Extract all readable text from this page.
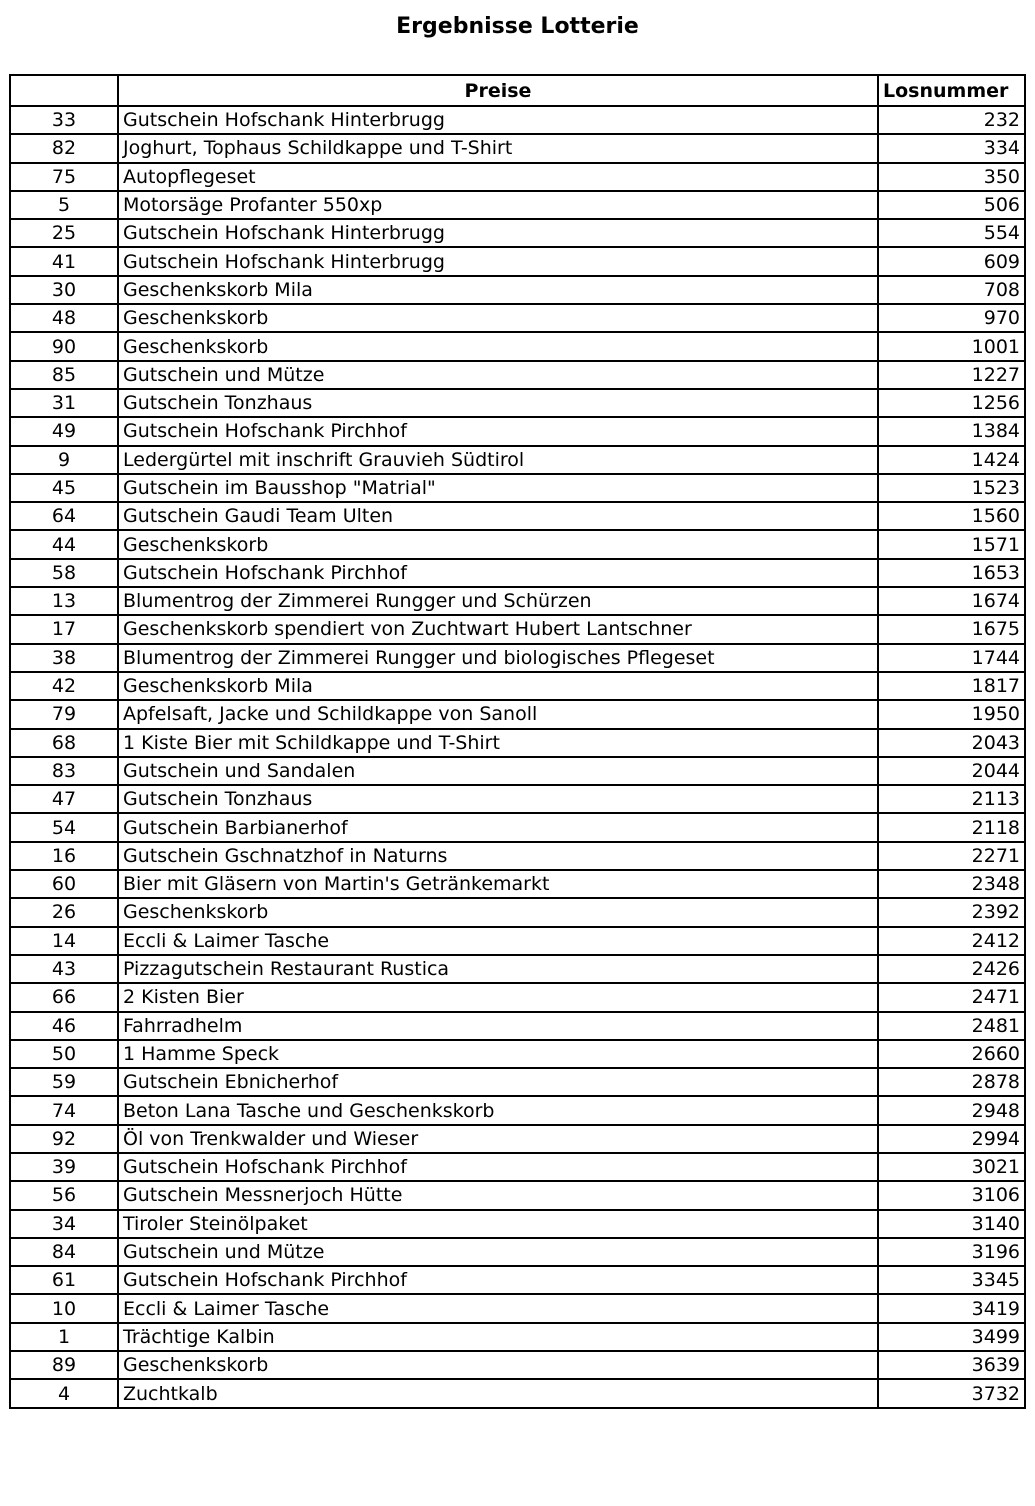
Ergebnisse Lotterie
	Preise	Losnummer
33	Gutschein Hofschank Hinterbrugg	232
82	Joghurt, Tophaus Schildkappe und T-Shirt	334
75	Autopflegeset	350
5	Motorsäge Profanter 550xp	506
25	Gutschein Hofschank Hinterbrugg	554
41	Gutschein Hofschank Hinterbrugg	609
30	Geschenkskorb Mila	708
48	Geschenkskorb	970
90	Geschenkskorb	1001
85	Gutschein und Mütze	1227
31	Gutschein Tonzhaus	1256
49	Gutschein Hofschank Pirchhof	1384
9	Ledergürtel mit inschrift Grauvieh Südtirol	1424
45	Gutschein im Bausshop "Matrial"	1523
64	Gutschein Gaudi Team Ulten	1560
44	Geschenkskorb	1571
58	Gutschein Hofschank Pirchhof	1653
13	Blumentrog der Zimmerei Rungger und Schürzen	1674
17	Geschenkskorb spendiert von Zuchtwart Hubert Lantschner	1675
38	Blumentrog der Zimmerei Rungger und biologisches Pflegeset	1744
42	Geschenkskorb Mila	1817
79	Apfelsaft, Jacke und Schildkappe von Sanoll	1950
68	1 Kiste Bier mit Schildkappe und T-Shirt	2043
83	Gutschein und Sandalen	2044
47	Gutschein Tonzhaus	2113
54	Gutschein Barbianerhof	2118
16	Gutschein Gschnatzhof in Naturns	2271
60	Bier mit Gläsern von Martin's Getränkemarkt	2348
26	Geschenkskorb	2392
14	Eccli & Laimer Tasche	2412
43	Pizzagutschein Restaurant Rustica	2426
66	2 Kisten Bier	2471
46	Fahrradhelm	2481
50	1 Hamme Speck	2660
59	Gutschein Ebnicherhof	2878
74	Beton Lana Tasche und Geschenkskorb	2948
92	Öl von Trenkwalder und Wieser	2994
39	Gutschein Hofschank Pirchhof	3021
56	Gutschein Messnerjoch Hütte	3106
34	Tiroler Steinölpaket	3140
84	Gutschein und Mütze	3196
61	Gutschein Hofschank Pirchhof	3345
10	Eccli & Laimer Tasche	3419
1	Trächtige Kalbin	3499
89	Geschenkskorb	3639
4	Zuchtkalb	3732
